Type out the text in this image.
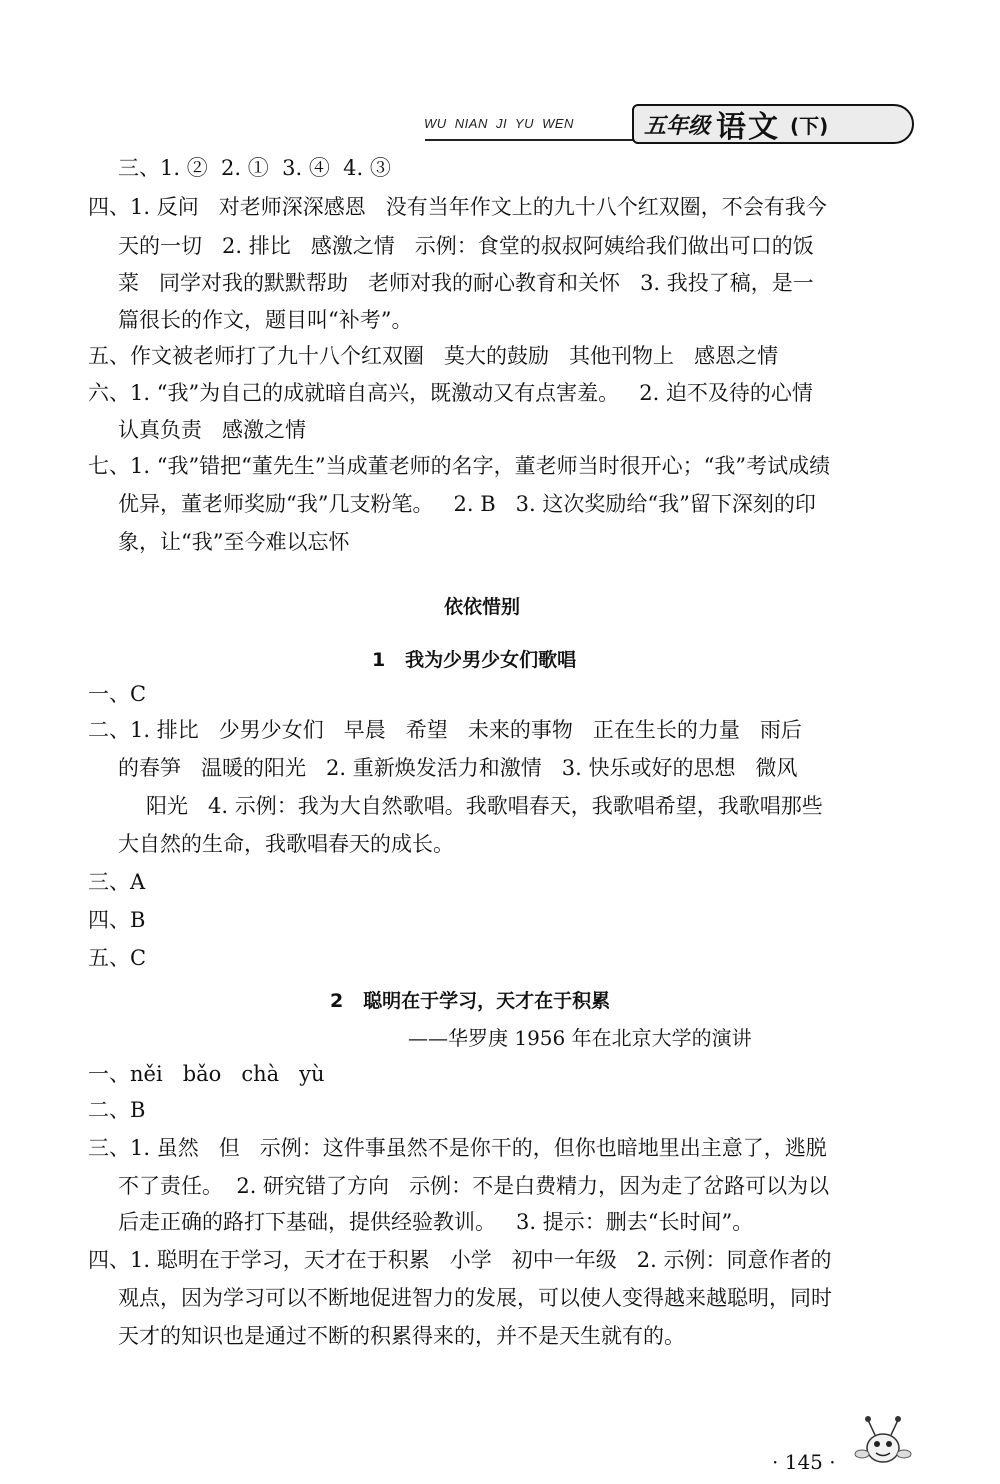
WU NIAN JI YU WEN	五年级 语文 (下)
三、1. ②  2. ①  3. ④  4. ③
四、1. 反问   对老师深深感恩   没有当年作文上的九十八个红双圈，不会有我今
天的一切   2. 排比   感激之情   示例：食堂的叔叔阿姨给我们做出可口的饭
菜   同学对我的默默帮助   老师对我的耐心教育和关怀   3. 我投了稿，是一
篇很长的作文，题目叫“补考”。
五、作文被老师打了九十八个红双圈   莫大的鼓励   其他刊物上   感恩之情
六、1. “我”为自己的成就暗自高兴，既激动又有点害羞。   2. 迫不及待的心情
认真负责   感激之情
七、1. “我”错把“董先生”当成董老师的名字，董老师当时很开心；“我”考试成绩
优异，董老师奖励“我”几支粉笔。   2. B   3. 这次奖励给“我”留下深刻的印
象，让“我”至今难以忘怀
依依惜别
1   我为少男少女们歌唱
一、C
二、1. 排比   少男少女们   早晨   希望   未来的事物   正在生长的力量   雨后
的春笋   温暖的阳光   2. 重新焕发活力和激情   3. 快乐或好的思想   微风
阳光   4. 示例：我为大自然歌唱。我歌唱春天，我歌唱希望，我歌唱那些
大自然的生命，我歌唱春天的成长。
三、A
四、B
五、C
2   聪明在于学习，天才在于积累
——华罗庚 1956 年在北京大学的演讲
一、něi   bǎo   chà   yù
二、B
三、1. 虽然   但   示例：这件事虽然不是你干的，但你也暗地里出主意了，逃脱
不了责任。  2. 研究错了方向   示例：不是白费精力，因为走了岔路可以为以
后走正确的路打下基础，提供经验教训。   3. 提示：删去“长时间”。
四、1. 聪明在于学习，天才在于积累   小学   初中一年级   2. 示例：同意作者的
观点，因为学习可以不断地促进智力的发展，可以使人变得越来越聪明，同时
天才的知识也是通过不断的积累得来的，并不是天生就有的。
· 145 ·
